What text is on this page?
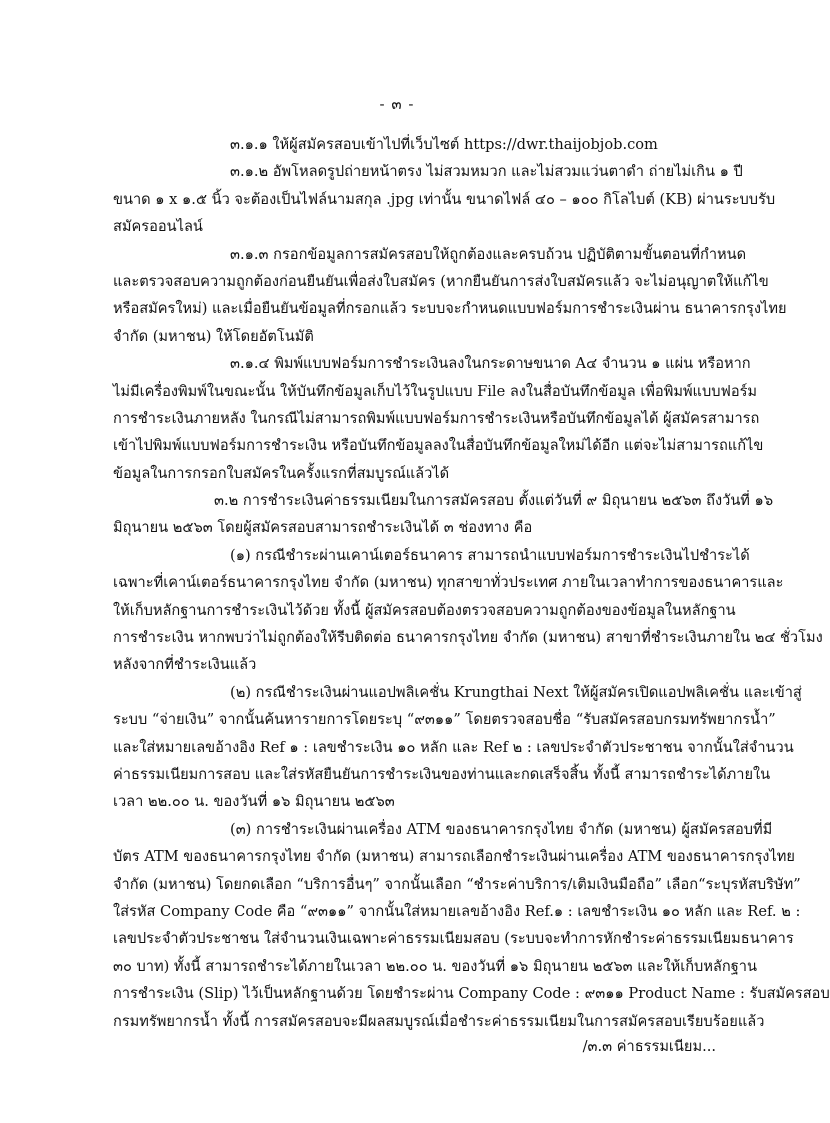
- ๓ -
๓.๑.๑ ให้ผู้สมัครสอบเข้าไปที่เว็บไซต์ https://dwr.thaijobjob.com
๓.๑.๒ อัพโหลดรูปถ่ายหน้าตรง ไม่สวมหมวก และไม่สวมแว่นตาดำ ถ่ายไม่เกิน ๑ ปี
ขนาด ๑ x ๑.๕ นิ้ว จะต้องเป็นไฟล์นามสกุล .jpg เท่านั้น ขนาดไฟล์ ๔๐ – ๑๐๐ กิโลไบต์ (KB) ผ่านระบบรับ
สมัครออนไลน์
๓.๑.๓ กรอกข้อมูลการสมัครสอบให้ถูกต้องและครบถ้วน ปฏิบัติตามขั้นตอนที่กำหนด
และตรวจสอบความถูกต้องก่อนยืนยันเพื่อส่งใบสมัคร (หากยืนยันการส่งใบสมัครแล้ว จะไม่อนุญาตให้แก้ไข
หรือสมัครใหม่) และเมื่อยืนยันข้อมูลที่กรอกแล้ว ระบบจะกำหนดแบบฟอร์มการชำระเงินผ่าน ธนาคารกรุงไทย
จำกัด (มหาชน) ให้โดยอัตโนมัติ
๓.๑.๔ พิมพ์แบบฟอร์มการชำระเงินลงในกระดาษขนาด A๔ จำนวน ๑ แผ่น หรือหาก
ไม่มีเครื่องพิมพ์ในขณะนั้น ให้บันทึกข้อมูลเก็บไว้ในรูปแบบ File ลงในสื่อบันทึกข้อมูล เพื่อพิมพ์แบบฟอร์ม
การชำระเงินภายหลัง ในกรณีไม่สามารถพิมพ์แบบฟอร์มการชำระเงินหรือบันทึกข้อมูลได้ ผู้สมัครสามารถ
เข้าไปพิมพ์แบบฟอร์มการชำระเงิน หรือบันทึกข้อมูลลงในสื่อบันทึกข้อมูลใหม่ได้อีก แต่จะไม่สามารถแก้ไข
ข้อมูลในการกรอกใบสมัครในครั้งแรกที่สมบูรณ์แล้วได้
๓.๒ การชำระเงินค่าธรรมเนียมในการสมัครสอบ ตั้งแต่วันที่ ๙ มิถุนายน ๒๕๖๓ ถึงวันที่ ๑๖
มิถุนายน ๒๕๖๓ โดยผู้สมัครสอบสามารถชำระเงินได้ ๓ ช่องทาง คือ
(๑) กรณีชำระผ่านเคาน์เตอร์ธนาคาร สามารถนำแบบฟอร์มการชำระเงินไปชำระได้
เฉพาะที่เคาน์เตอร์ธนาคารกรุงไทย จำกัด (มหาชน) ทุกสาขาทั่วประเทศ ภายในเวลาทำการของธนาคารและ
ให้เก็บหลักฐานการชำระเงินไว้ด้วย ทั้งนี้ ผู้สมัครสอบต้องตรวจสอบความถูกต้องของข้อมูลในหลักฐาน
การชำระเงิน หากพบว่าไม่ถูกต้องให้รีบติดต่อ ธนาคารกรุงไทย จำกัด (มหาชน) สาขาที่ชำระเงินภายใน ๒๔ ชั่วโมง
หลังจากที่ชำระเงินแล้ว
(๒) กรณีชำระเงินผ่านแอปพลิเคชั่น Krungthai Next ให้ผู้สมัครเปิดแอปพลิเคชั่น และเข้าสู่
ระบบ “จ่ายเงิน” จากนั้นค้นหารายการโดยระบุ “๙๓๑๑” โดยตรวจสอบชื่อ “รับสมัครสอบกรมทรัพยากรน้ำ”
และใส่หมายเลขอ้างอิง Ref ๑ : เลขชำระเงิน ๑๐ หลัก และ Ref ๒ : เลขประจำตัวประชาชน จากนั้นใส่จำนวน
ค่าธรรมเนียมการสอบ และใส่รหัสยืนยันการชำระเงินของท่านและกดเสร็จสิ้น ทั้งนี้ สามารถชำระได้ภายใน
เวลา ๒๒.๐๐ น. ของวันที่ ๑๖ มิถุนายน ๒๕๖๓
(๓) การชำระเงินผ่านเครื่อง ATM ของธนาคารกรุงไทย จำกัด (มหาชน) ผู้สมัครสอบที่มี
บัตร ATM ของธนาคารกรุงไทย จำกัด (มหาชน) สามารถเลือกชำระเงินผ่านเครื่อง ATM ของธนาคารกรุงไทย
จำกัด (มหาชน) โดยกดเลือก “บริการอื่นๆ” จากนั้นเลือก “ชำระค่าบริการ/เติมเงินมือถือ” เลือก“ระบุรหัสบริษัท”
ใส่รหัส Company Code คือ “๙๓๑๑” จากนั้นใส่หมายเลขอ้างอิง Ref.๑ : เลขชำระเงิน ๑๐ หลัก และ Ref. ๒ :
เลขประจำตัวประชาชน ใส่จำนวนเงินเฉพาะค่าธรรมเนียมสอบ (ระบบจะทำการหักชำระค่าธรรมเนียมธนาคาร
๓๐ บาท) ทั้งนี้ สามารถชำระได้ภายในเวลา ๒๒.๐๐ น. ของวันที่ ๑๖ มิถุนายน ๒๕๖๓ และให้เก็บหลักฐาน
การชำระเงิน (Slip) ไว้เป็นหลักฐานด้วย โดยชำระผ่าน Company Code : ๙๓๑๑ Product Name : รับสมัครสอบ
กรมทรัพยากรน้ำ ทั้งนี้ การสมัครสอบจะมีผลสมบูรณ์เมื่อชำระค่าธรรมเนียมในการสมัครสอบเรียบร้อยแล้ว
/๓.๓ ค่าธรรมเนียม...
